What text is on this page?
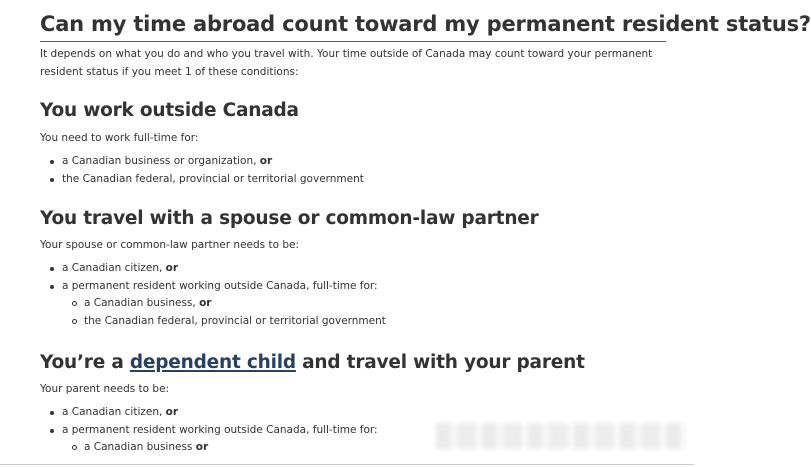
Can my time abroad count toward my permanent resident status?

It depends on what you do and who you travel with. Your time outside of Canada may count toward your permanent

resident status if you meet 1 of these conditions:

You work outside Canada

You need to work full-time for:

a Canadian business or organization, or
the Canadian federal, provincial or territorial government
You travel with a spouse or common-law partner

Your spouse or common-law partner needs to be:

a Canadian citizen, or
a permanent resident working outside Canada, full-time for:
a Canadian business, or
the Canadian federal, provincial or territorial government
You’re a dependent child and travel with your parent

Your parent needs to be:

a Canadian citizen, or
a permanent resident working outside Canada, full-time for:
a Canadian business or
